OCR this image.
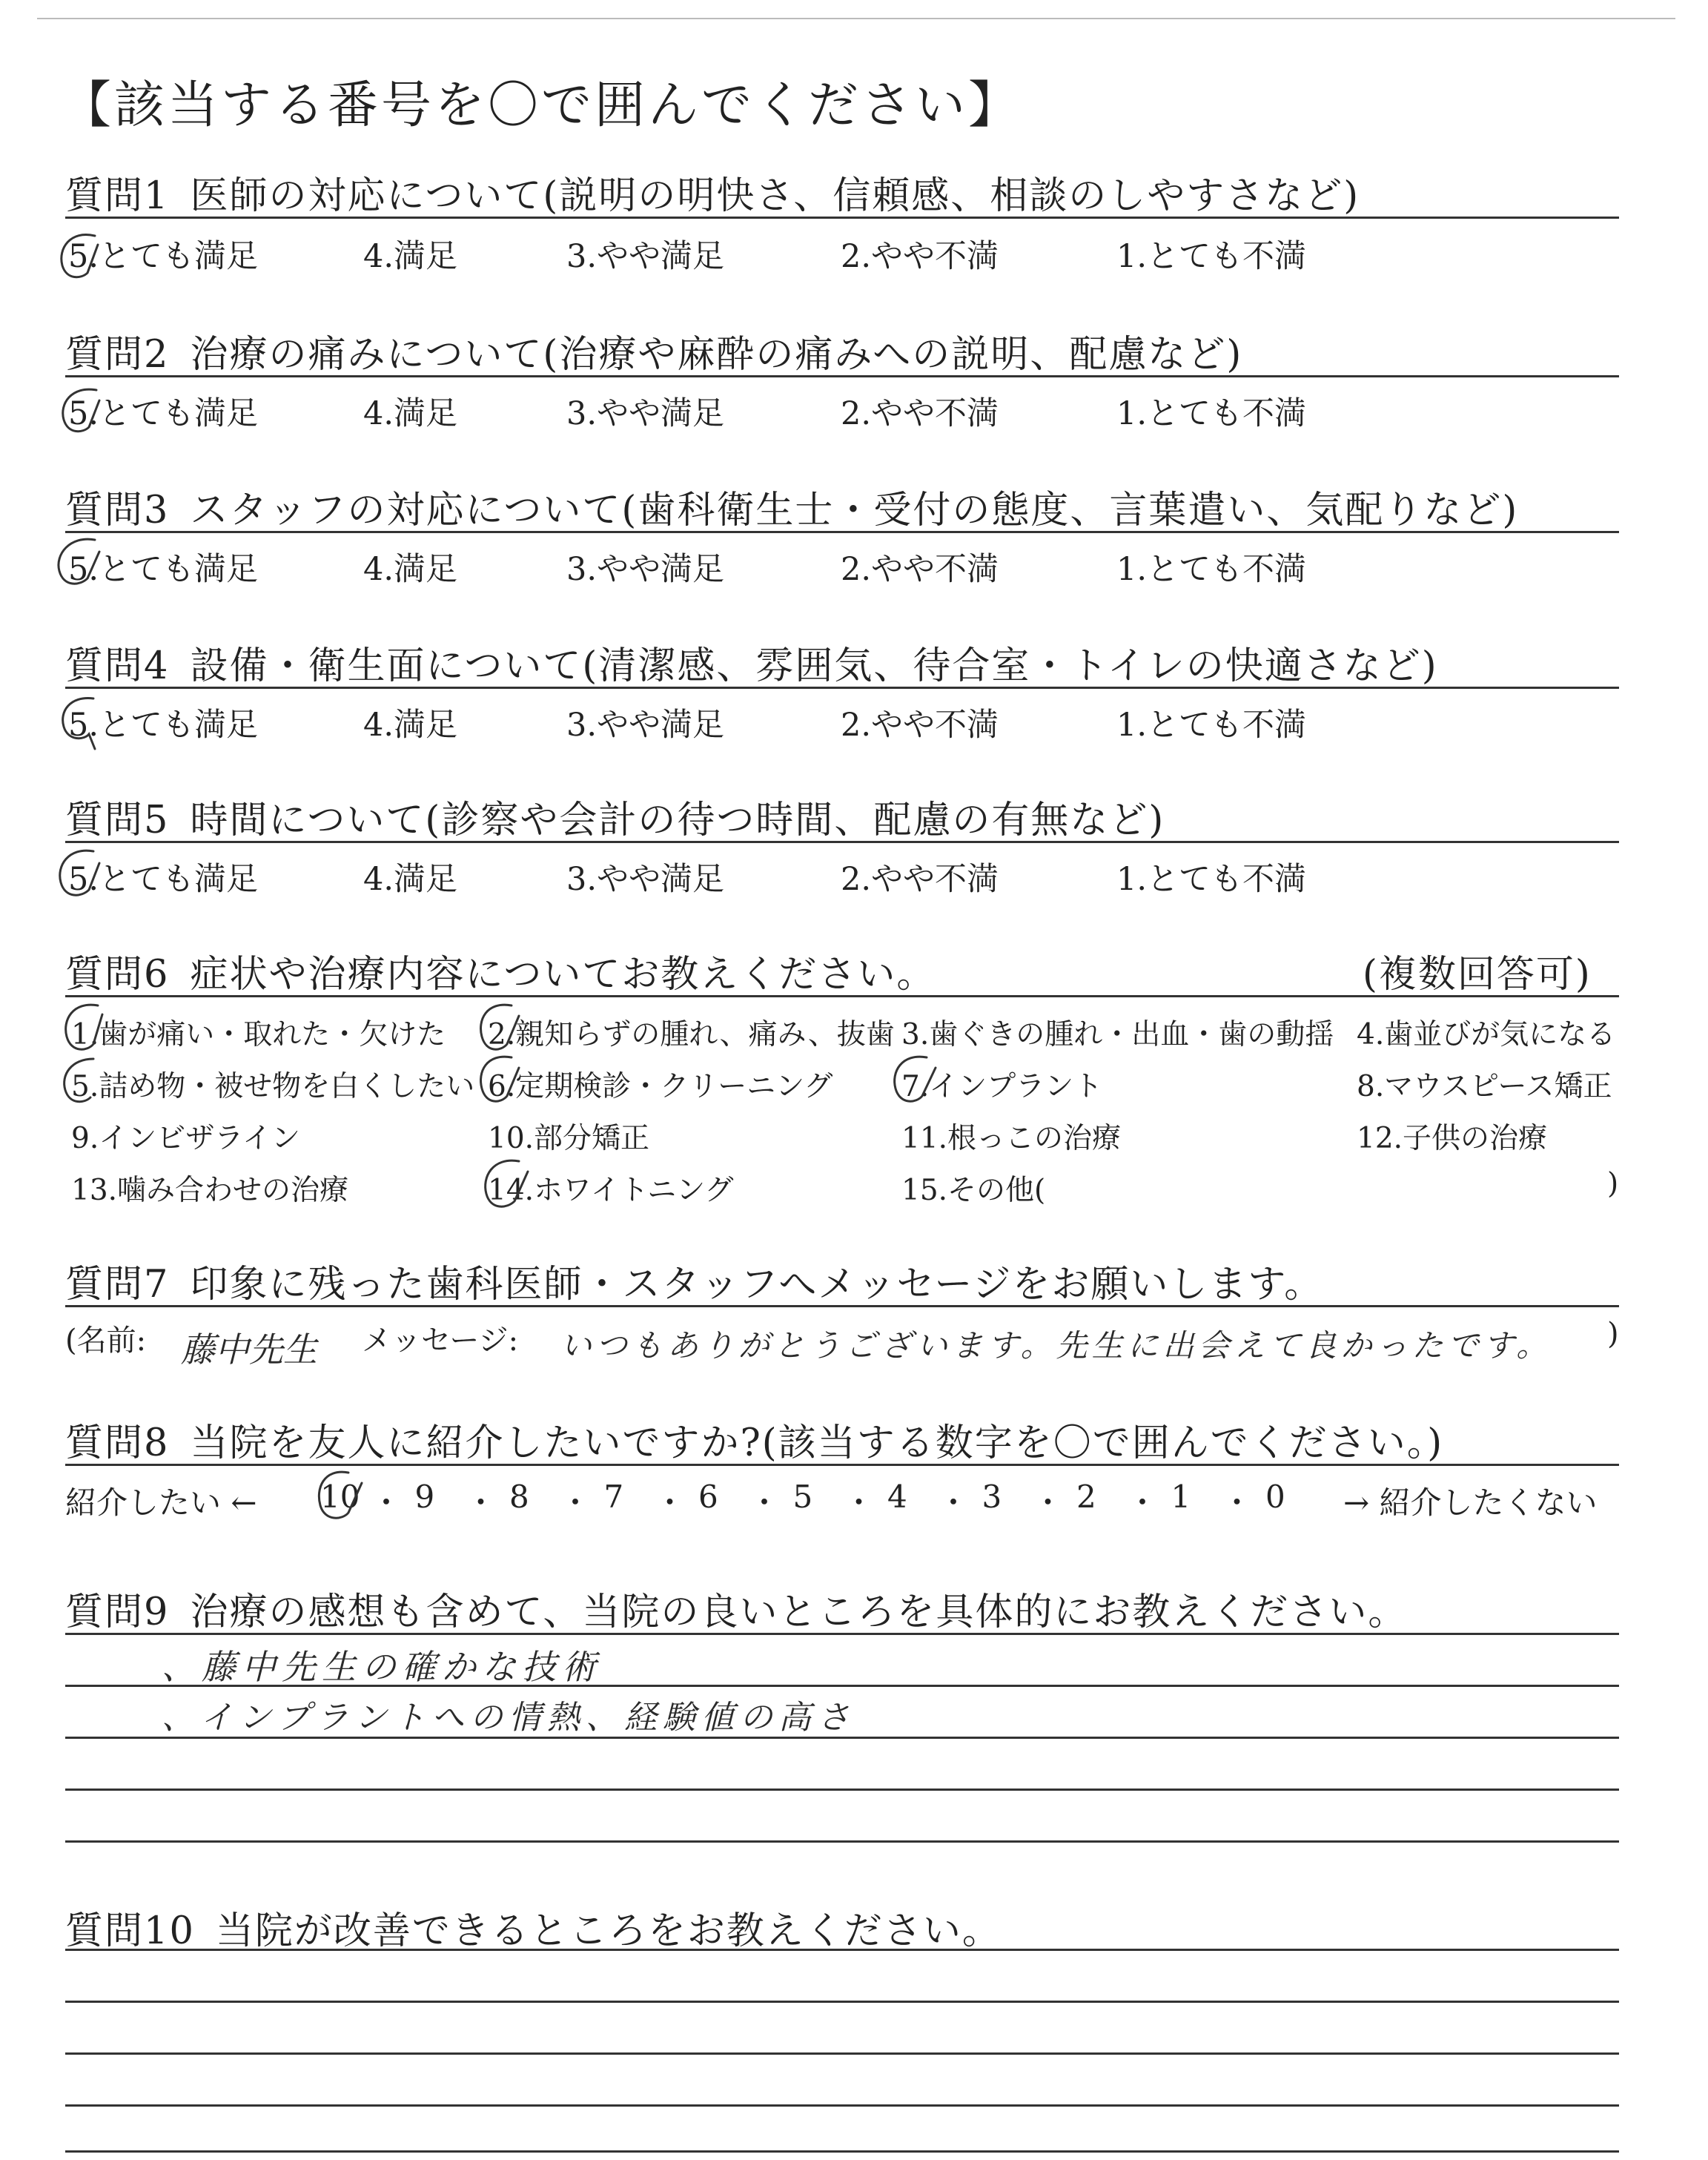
【該当する番号を〇で囲んでください】
質問1 医師の対応について(説明の明快さ、信頼感、相談のしやすさなど)
5.とても満足	4.満足	3.やや満足	2.やや不満	1.とても不満
質問2 治療の痛みについて(治療や麻酔の痛みへの説明、配慮など)
5.とても満足	4.満足	3.やや満足	2.やや不満	1.とても不満
質問3 スタッフの対応について(歯科衛生士・受付の態度、言葉遣い、気配りなど)
5.とても満足	4.満足	3.やや満足	2.やや不満	1.とても不満
質問4 設備・衛生面について(清潔感、雰囲気、待合室・トイレの快適さなど)
5.とても満足	4.満足	3.やや満足	2.やや不満	1.とても不満
質問5 時間について(診察や会計の待つ時間、配慮の有無など)
5.とても満足	4.満足	3.やや満足	2.やや不満	1.とても不満
質問6 症状や治療内容についてお教えください。	(複数回答可)
1.歯が痛い・取れた・欠けた 2.親知らずの腫れ、痛み、抜歯 3.歯ぐきの腫れ・出血・歯の動揺 4.歯並びが気になる
5.詰め物・被せ物を白くしたい 6.定期検診・クリーニング 7.インプラント	8.マウスピース矯正
9.インビザライン	10.部分矯正	11.根っこの治療	12.子供の治療
13.噛み合わせの治療	14.ホワイトニング	15.その他(	)
質問7 印象に残った歯科医師・スタッフへメッセージをお願いします。
(名前: 藤中先生 メッセージ: いつもありがとうございます。先生に出会えて良かったです。 )
質問8 当院を友人に紹介したいですか?(該当する数字を〇で囲んでください。)
紹介したい ← 10 ・ 9 ・ 8 ・ 7 ・ 6 ・ 5 ・ 4 ・ 3 ・ 2 ・ 1 ・ 0 → 紹介したくない
質問9 治療の感想も含めて、当院の良いところを具体的にお教えください。
、藤中先生の確かな技術
、インプラントへの情熱、経験値の高さ
質問10 当院が改善できるところをお教えください。
